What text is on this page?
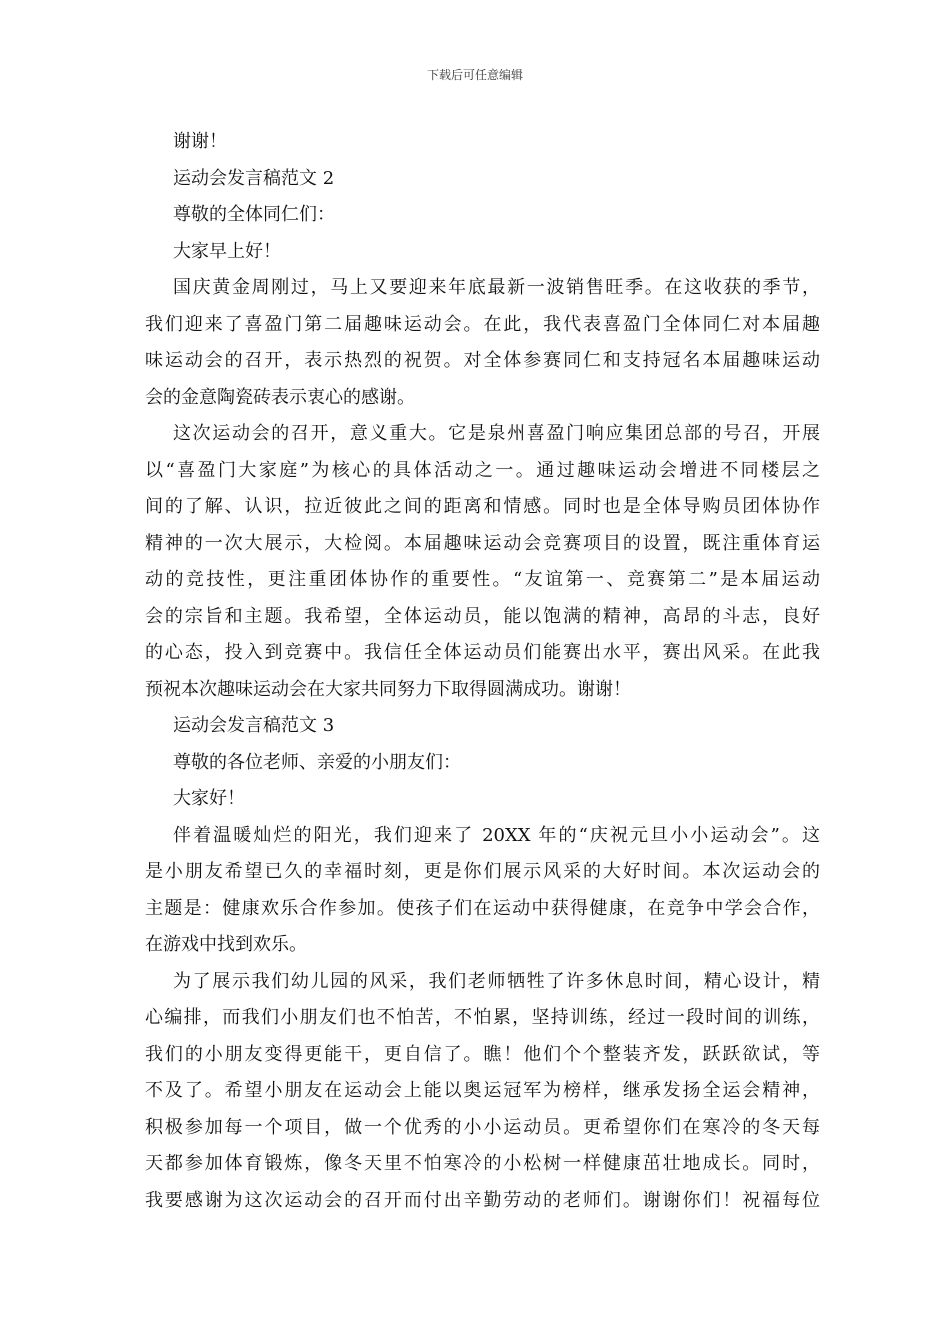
下载后可任意编辑
谢谢！
运动会发言稿范文 2
尊敬的全体同仁们：
大家早上好！
国庆黄金周刚过，马上又要迎来年底最新一波销售旺季。在这收获的季节，
我们迎来了喜盈门第二届趣味运动会。在此，我代表喜盈门全体同仁对本届趣
味运动会的召开，表示热烈的祝贺。对全体参赛同仁和支持冠名本届趣味运动
会的金意陶瓷砖表示衷心的感谢。
这次运动会的召开，意义重大。它是泉州喜盈门响应集团总部的号召，开展
以“喜盈门大家庭”为核心的具体活动之一。通过趣味运动会增进不同楼层之
间的了解、认识，拉近彼此之间的距离和情感。同时也是全体导购员团体协作
精神的一次大展示，大检阅。本届趣味运动会竞赛项目的设置，既注重体育运
动的竞技性，更注重团体协作的重要性。“友谊第一、竞赛第二”是本届运动
会的宗旨和主题。我希望，全体运动员，能以饱满的精神，高昂的斗志，良好
的心态，投入到竞赛中。我信任全体运动员们能赛出水平，赛出风采。在此我
预祝本次趣味运动会在大家共同努力下取得圆满成功。谢谢！
运动会发言稿范文 3
尊敬的各位老师、亲爱的小朋友们：
大家好！
伴着温暖灿烂的阳光，我们迎来了 20XX 年的“庆祝元旦小小运动会”。这
是小朋友希望已久的幸福时刻，更是你们展示风采的大好时间。本次运动会的
主题是：健康欢乐合作参加。使孩子们在运动中获得健康，在竞争中学会合作，
在游戏中找到欢乐。
为了展示我们幼儿园的风采，我们老师牺牲了许多休息时间，精心设计，精
心编排，而我们小朋友们也不怕苦，不怕累，坚持训练，经过一段时间的训练，
我们的小朋友变得更能干，更自信了。瞧！他们个个整装齐发，跃跃欲试，等
不及了。希望小朋友在运动会上能以奥运冠军为榜样，继承发扬全运会精神，
积极参加每一个项目，做一个优秀的小小运动员。更希望你们在寒冷的冬天每
天都参加体育锻炼，像冬天里不怕寒冷的小松树一样健康茁壮地成长。同时，
我要感谢为这次运动会的召开而付出辛勤劳动的老师们。谢谢你们！祝福每位
